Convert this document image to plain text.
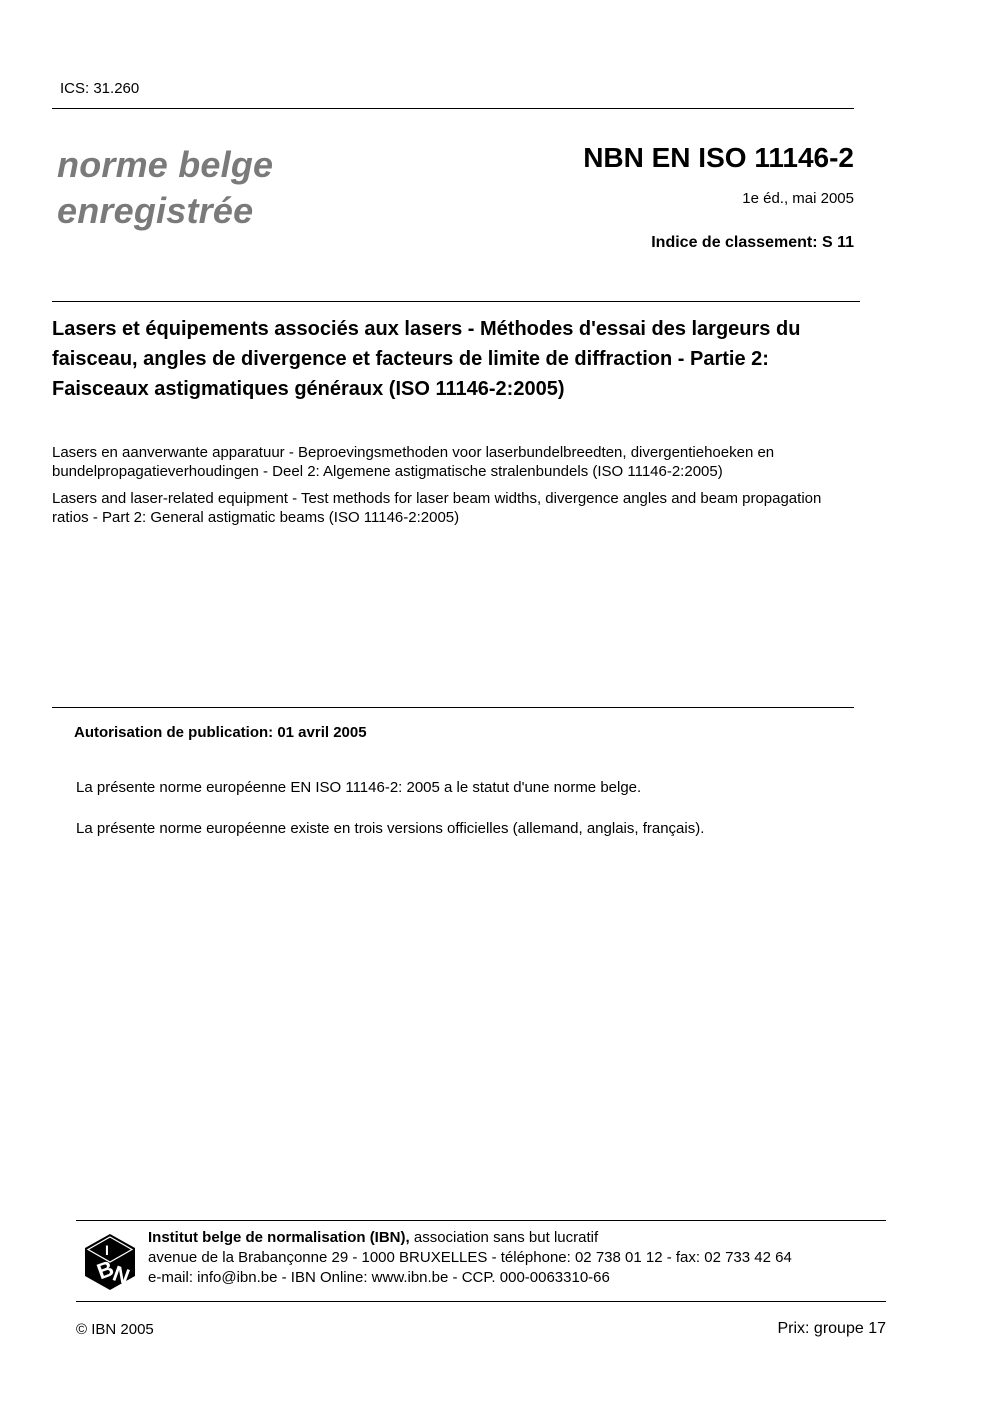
ICS: 31.260
norme belge
enregistrée
NBN EN ISO 11146-2
1e éd., mai 2005
Indice de classement: S 11
Lasers et équipements associés aux lasers - Méthodes d'essai des largeurs du faisceau, angles de divergence et facteurs de limite de diffraction - Partie 2: Faisceaux astigmatiques généraux (ISO 11146-2:2005)
Lasers en aanverwante apparatuur - Beproevingsmethoden voor laserbundelbreedten, divergentiehoeken en bundelpropagatieverhoudingen - Deel 2: Algemene astigmatische stralenbundels (ISO 11146-2:2005)
Lasers and laser-related equipment - Test methods for laser beam widths, divergence angles and beam propagation ratios - Part 2: General astigmatic beams (ISO 11146-2:2005)
Autorisation de publication: 01 avril 2005
La présente norme européenne EN ISO 11146-2: 2005 a le statut d'une norme belge.
La présente norme européenne existe en trois versions officielles (allemand, anglais, français).
B
N
I
Institut belge de normalisation (IBN), association sans but lucratif
avenue de la Brabançonne 29 - 1000 BRUXELLES - téléphone: 02 738 01 12 - fax: 02 733 42 64
e-mail: info@ibn.be - IBN Online: www.ibn.be - CCP. 000-0063310-66
© IBN 2005	Prix: groupe 17
